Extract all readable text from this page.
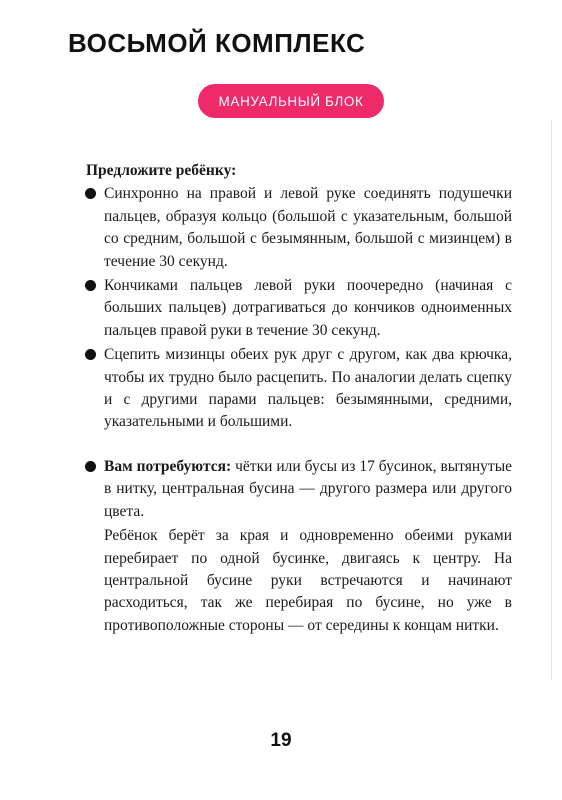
ВОСЬМОЙ КОМПЛЕКС
МАНУАЛЬНЫЙ БЛОК

Предложите ребёнку:

Синхронно на правой и левой руке соединять подушечки пальцев, образуя кольцо (большой с указательным, большой со средним, большой с безымянным, большой с мизинцем) в течение 30 секунд.
Кончиками пальцев левой руки поочередно (начиная с больших пальцев) дотрагиваться до кончиков одноименных пальцев правой руки в течение 30 секунд.
Сцепить мизинцы обеих рук друг с другом, как два крючка, чтобы их трудно было расцепить. По аналогии делать сцепку и с другими парами пальцев: безымянными, средними, указательными и большими.
Вам потребуются: чётки или бусы из 17 бусинок, вытянутые в нитку, центральная бусина — другого размера или другого цвета.

Ребёнок берёт за края и одновременно обеими руками перебирает по одной бусинке, двигаясь к центру. На центральной бусине руки встречаются и начинают расходиться, так же перебирая по бусине, но уже в противоположные стороны — от середины к концам нитки.

19
